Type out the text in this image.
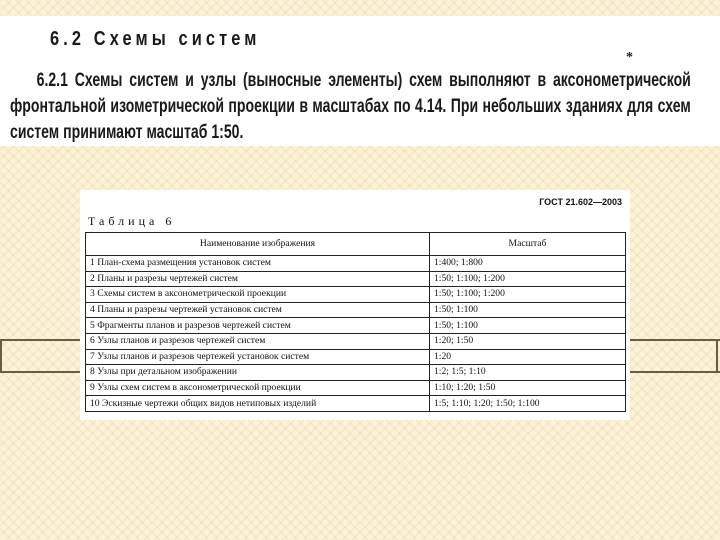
6.2 Схемы систем
*

6.2.1 Схемы систем и узлы (выносные элементы) схем выполняют в аксонометрической фронтальной изометрической проекции в масштабах по 4.14. При небольших зданиях для схем систем принимают масштаб 1:50.

ГОСТ 21.602—2003

Таблица 6

Наименование изображения	Масштаб
1 План-схема размещения установок систем	1:400; 1:800
2 Планы и разрезы чертежей систем	1:50; 1:100; 1:200
3 Схемы систем в аксонометрической проекции	1:50; 1:100; 1:200
4 Планы и разрезы чертежей установок систем	1:50; 1:100
5 Фрагменты планов и разрезов чертежей систем	1:50; 1:100
6 Узлы планов и разрезов чертежей систем	1:20; 1:50
7 Узлы планов и разрезов чертежей установок систем	1:20
8 Узлы при детальном изображении	1:2; 1:5; 1:10
9 Узлы схем систем в аксонометрической проекции	1:10; 1:20; 1:50
10 Эскизные чертежи общих видов нетиповых изделий	1:5; 1:10; 1:20; 1:50; 1:100
